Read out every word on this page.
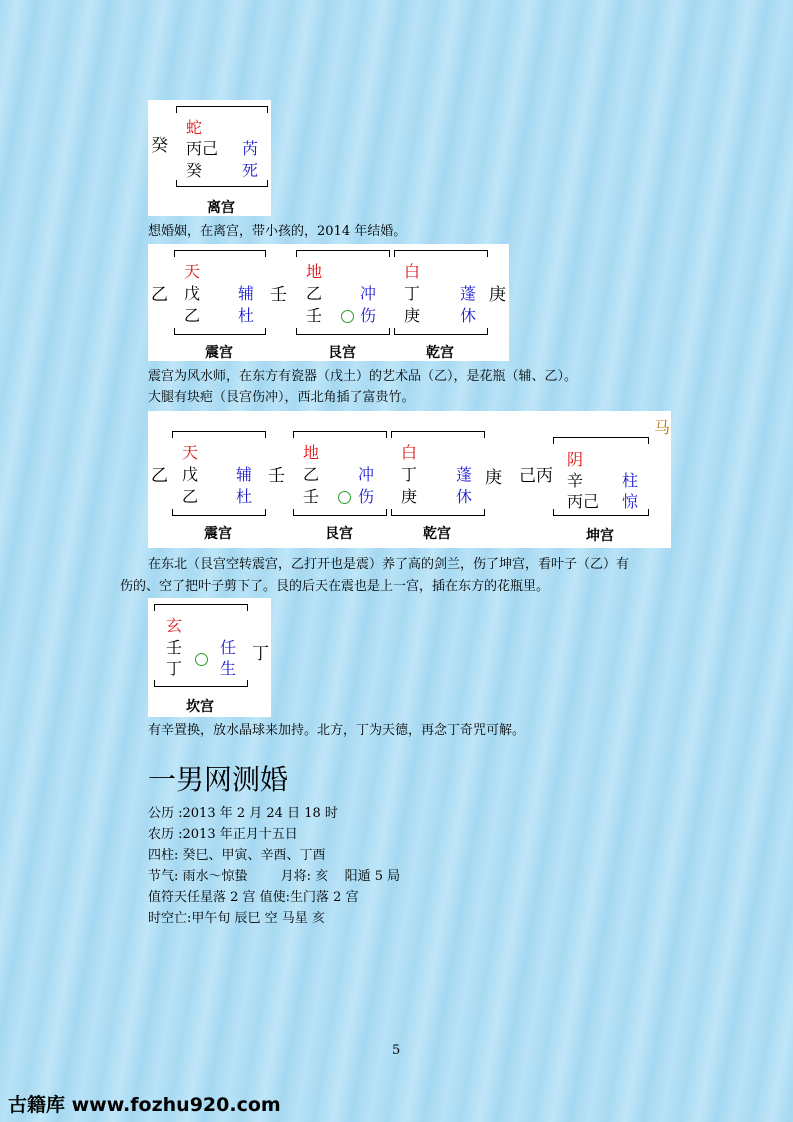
癸
蛇
丙己 芮
癸 死
离宫
想婚姻，在离宫，带小孩的，2014 年结婚。
乙
天
戊 辅
乙 杜
震宫
壬
地
乙 冲
壬 伤
艮宫
白
丁 蓬
庚 休
乾宫
庚
震宫为风水师，在东方有瓷器（戊土）的艺术品（乙），是花瓶（辅、乙）。
大腿有块疤（艮宫伤冲），西北角插了富贵竹。
乙
天
戊 辅
乙 杜
震宫
壬
地
乙 冲
壬 伤
艮宫
白
丁 蓬
庚 休
乾宫
庚 己丙
马
阴
辛 柱
丙己 惊
坤宫
在东北（艮宫空转震宫，乙打开也是震）养了高的剑兰，伤了坤宫，看叶子（乙）有
伤的、空了把叶子剪下了。艮的后天在震也是上一宫，插在东方的花瓶里。
玄
壬 任
丁 生
丁
坎宫
有辛置换，放水晶球来加持。北方，丁为天德，再念丁奇咒可解。
一男网测婚
公历 :2013 年 2 月 24 日 18 时
农历 :2013 年正月十五日
四柱: 癸巳、甲寅、辛酉、丁酉
节气: 雨水～惊蛰        月将: 亥    阳遁 5 局
值符天任星落 2 宫 值使:生门落 2 宫
时空亡:甲午旬 辰巳 空 马星 亥
5
古籍库 www.fozhu920.com
